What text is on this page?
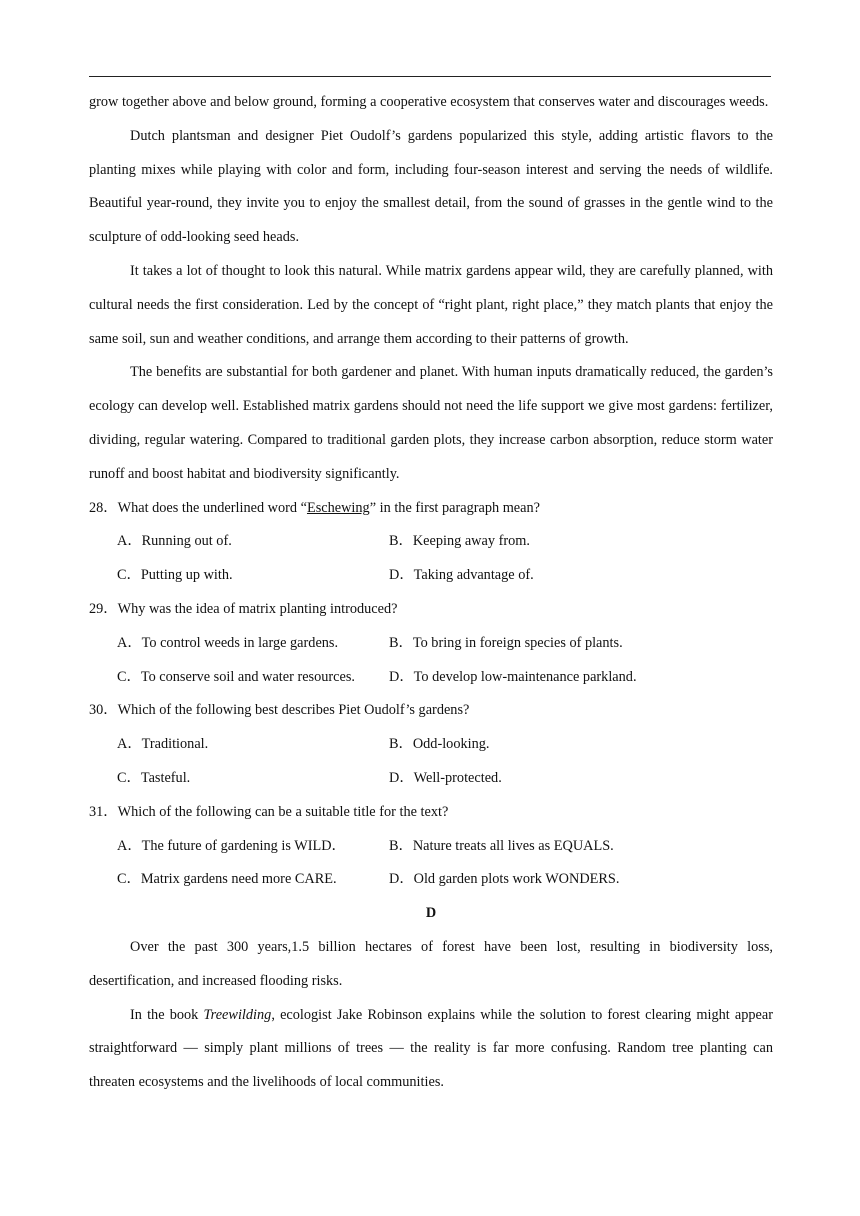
grow together above and below ground, forming a cooperative ecosystem that conserves water and discourages weeds.

Dutch plantsman and designer Piet Oudolf’s gardens popularized this style, adding artistic flavors to the planting mixes while playing with color and form, including four-season interest and serving the needs of wildlife. Beautiful year-round, they invite you to enjoy the smallest detail, from the sound of grasses in the gentle wind to the sculpture of odd-looking seed heads.

It takes a lot of thought to look this natural. While matrix gardens appear wild, they are carefully planned, with cultural needs the first consideration. Led by the concept of “right plant, right place,” they match plants that enjoy the same soil, sun and weather conditions, and arrange them according to their patterns of growth.

The benefits are substantial for both gardener and planet. With human inputs dramatically reduced, the garden’s ecology can develop well. Established matrix gardens should not need the life support we give most gardens: fertilizer, dividing, regular watering. Compared to traditional garden plots, they increase carbon absorption, reduce storm water runoff and boost habitat and biodiversity significantly.

28．What does the underlined word “Eschewing” in the first paragraph mean?

A．Running out of.	B．Keeping away from.
C．Putting up with.	D．Taking advantage of.

29．Why was the idea of matrix planting introduced?

A．To control weeds in large gardens.	B．To bring in foreign species of plants.
C．To conserve soil and water resources.	D．To develop low-maintenance parkland.

30．Which of the following best describes Piet Oudolf’s gardens?

A．Traditional.	B．Odd-looking.
C．Tasteful.	D．Well-protected.

31．Which of the following can be a suitable title for the text?

A．The future of gardening is WILD．	B．Nature treats all lives as EQUALS.
C．Matrix gardens need more CARE.	D．Old garden plots work WONDERS.

D

Over the past 300 years,1.5 billion hectares of forest have been lost, resulting in biodiversity loss, desertification, and increased flooding risks.

In the book Treewilding, ecologist Jake Robinson explains while the solution to forest clearing might appear straightforward — simply plant millions of trees — the reality is far more confusing. Random tree planting can threaten ecosystems and the livelihoods of local communities.
